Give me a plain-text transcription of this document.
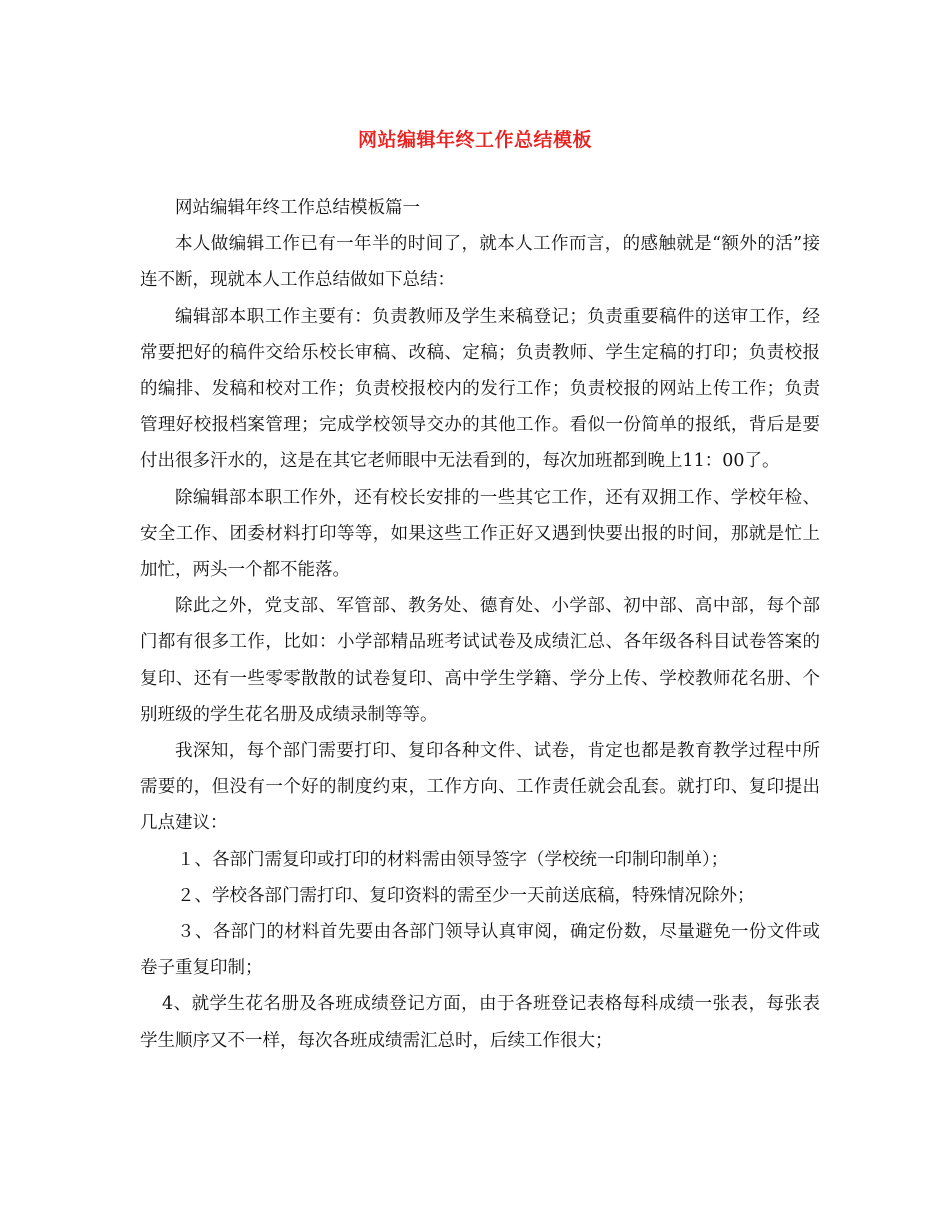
网站编辑年终工作总结模板

网站编辑年终工作总结模板篇一

本人做编辑工作已有一年半的时间了，就本人工作而言，的感触就是“额外的活”接连不断，现就本人工作总结做如下总结：

编辑部本职工作主要有：负责教师及学生来稿登记；负责重要稿件的送审工作，经常要把好的稿件交给乐校长审稿、改稿、定稿；负责教师、学生定稿的打印；负责校报的编排、发稿和校对工作；负责校报校内的发行工作；负责校报的网站上传工作；负责管理好校报档案管理；完成学校领导交办的其他工作。看似一份简单的报纸，背后是要付出很多汗水的，这是在其它老师眼中无法看到的，每次加班都到晚上11：00了。

除编辑部本职工作外，还有校长安排的一些其它工作，还有双拥工作、学校年检、安全工作、团委材料打印等等，如果这些工作正好又遇到快要出报的时间，那就是忙上加忙，两头一个都不能落。

除此之外，党支部、军管部、教务处、德育处、小学部、初中部、高中部，每个部门都有很多工作，比如：小学部精品班考试试卷及成绩汇总、各年级各科目试卷答案的复印、还有一些零零散散的试卷复印、高中学生学籍、学分上传、学校教师花名册、个别班级的学生花名册及成绩录制等等。

我深知，每个部门需要打印、复印各种文件、试卷，肯定也都是教育教学过程中所需要的，但没有一个好的制度约束，工作方向、工作责任就会乱套。就打印、复印提出几点建议：

１、各部门需复印或打印的材料需由领导签字（学校统一印制印制单）；

２、学校各部门需打印、复印资料的需至少一天前送底稿，特殊情况除外；

３、各部门的材料首先要由各部门领导认真审阅，确定份数，尽量避免一份文件或卷子重复印制；

4、就学生花名册及各班成绩登记方面，由于各班登记表格每科成绩一张表，每张表学生顺序又不一样，每次各班成绩需汇总时，后续工作很大；
